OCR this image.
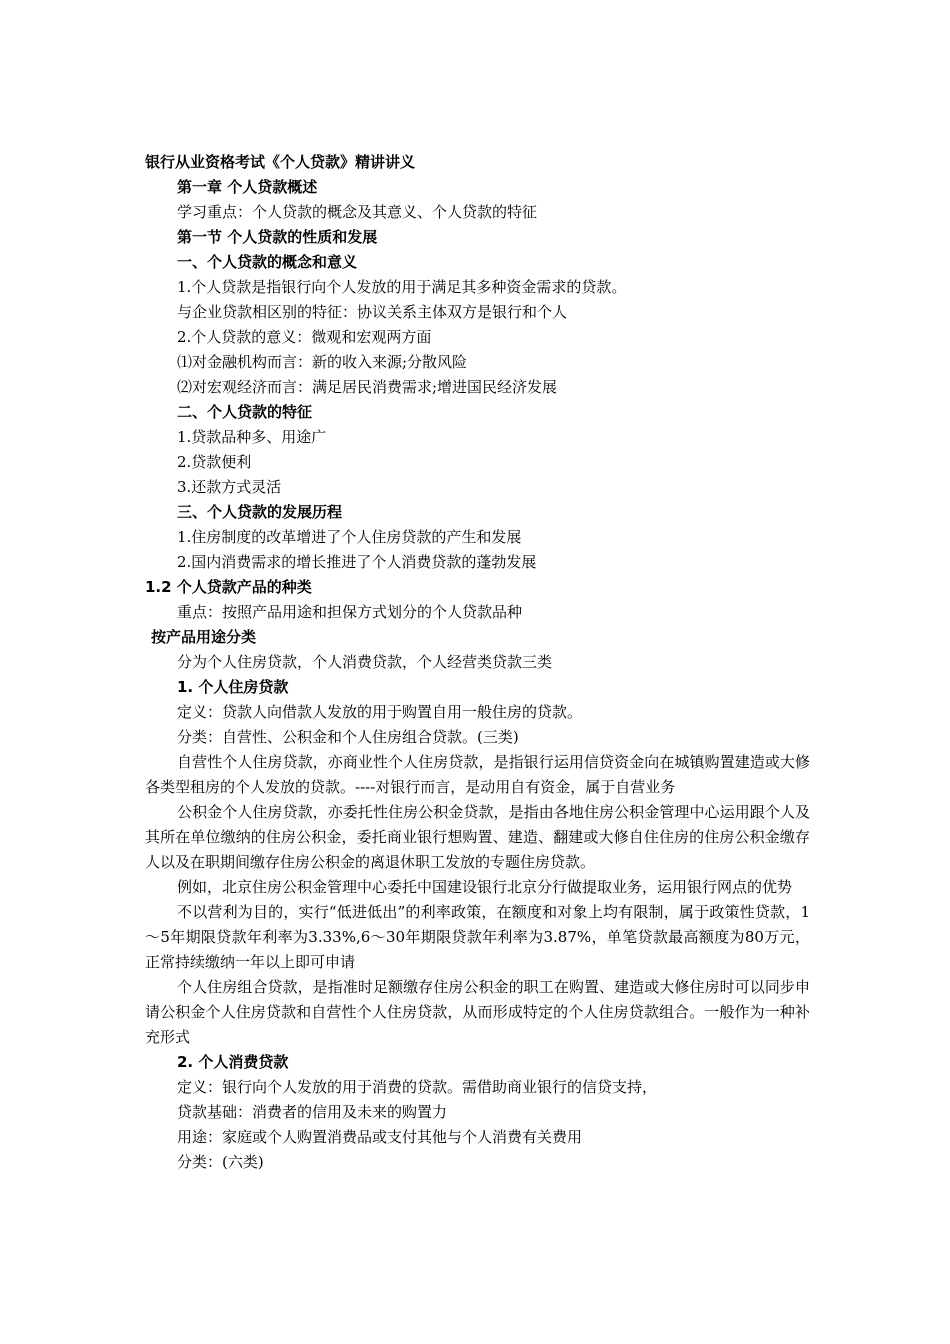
银行从业资格考试《个人贷款》精讲讲义
第一章 个人贷款概述
学习重点：个人贷款的概念及其意义、个人贷款的特征
第一节 个人贷款的性质和发展
一、个人贷款的概念和意义
1.个人贷款是指银行向个人发放的用于满足其多种资金需求的贷款。
与企业贷款相区别的特征：协议关系主体双方是银行和个人
2.个人贷款的意义：微观和宏观两方面
⑴对金融机构而言：新的收入来源;分散风险
⑵对宏观经济而言：满足居民消费需求;增进国民经济发展
二、个人贷款的特征
1.贷款品种多、用途广
2.贷款便利
3.还款方式灵活
三、个人贷款的发展历程
1.住房制度的改革增进了个人住房贷款的产生和发展
2.国内消费需求的增长推进了个人消费贷款的蓬勃发展
1.2 个人贷款产品的种类
重点：按照产品用途和担保方式划分的个人贷款品种
按产品用途分类
分为个人住房贷款，个人消费贷款，个人经营类贷款三类
1. 个人住房贷款
定义：贷款人向借款人发放的用于购置自用一般住房的贷款。
分类：自营性、公积金和个人住房组合贷款。(三类)
自营性个人住房贷款，亦商业性个人住房贷款，是指银行运用信贷资金向在城镇购置建造或大修各类型租房的个人发放的贷款。----对银行而言，是动用自有资金，属于自营业务
公积金个人住房贷款，亦委托性住房公积金贷款，是指由各地住房公积金管理中心运用跟个人及其所在单位缴纳的住房公积金，委托商业银行想购置、建造、翻建或大修自住住房的住房公积金缴存人以及在职期间缴存住房公积金的离退休职工发放的专题住房贷款。
例如，北京住房公积金管理中心委托中国建设银行北京分行做提取业务，运用银行网点的优势
不以营利为目的，实行“低进低出”的利率政策，在额度和对象上均有限制，属于政策性贷款，1～5年期限贷款年利率为3.33%,6～30年期限贷款年利率为3.87%，单笔贷款最高额度为80万元，正常持续缴纳一年以上即可申请
个人住房组合贷款，是指准时足额缴存住房公积金的职工在购置、建造或大修住房时可以同步申请公积金个人住房贷款和自营性个人住房贷款，从而形成特定的个人住房贷款组合。一般作为一种补充形式
2. 个人消费贷款
定义：银行向个人发放的用于消费的贷款。需借助商业银行的信贷支持，
贷款基础：消费者的信用及未来的购置力
用途：家庭或个人购置消费品或支付其他与个人消费有关费用
分类：(六类)
